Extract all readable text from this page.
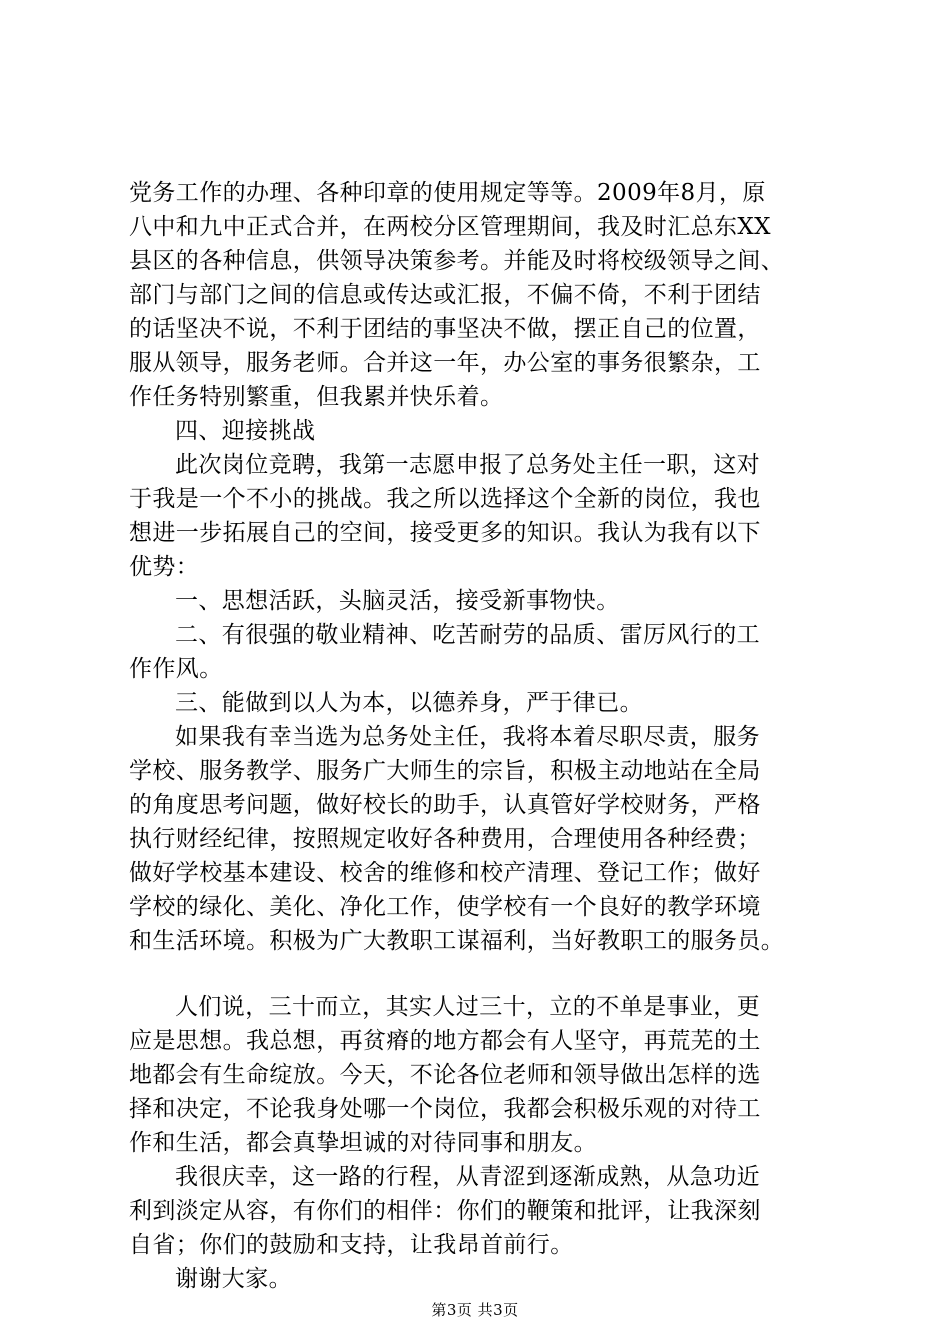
党务工作的办理、各种印章的使用规定等等。2009年8月，原
八中和九中正式合并，在两校分区管理期间，我及时汇总东XX
县区的各种信息，供领导决策参考。并能及时将校级领导之间、
部门与部门之间的信息或传达或汇报，不偏不倚，不利于团结
的话坚决不说，不利于团结的事坚决不做，摆正自己的位置，
服从领导，服务老师。合并这一年，办公室的事务很繁杂，工
作任务特别繁重，但我累并快乐着。
四、迎接挑战
此次岗位竞聘，我第一志愿申报了总务处主任一职，这对
于我是一个不小的挑战。我之所以选择这个全新的岗位，我也
想进一步拓展自己的空间，接受更多的知识。我认为我有以下
优势：
一、思想活跃，头脑灵活，接受新事物快。
二、有很强的敬业精神、吃苦耐劳的品质、雷厉风行的工
作作风。
三、能做到以人为本，以德养身，严于律已。
如果我有幸当选为总务处主任，我将本着尽职尽责，服务
学校、服务教学、服务广大师生的宗旨，积极主动地站在全局
的角度思考问题，做好校长的助手，认真管好学校财务，严格
执行财经纪律，按照规定收好各种费用，合理使用各种经费；
做好学校基本建设、校舍的维修和校产清理、登记工作；做好
学校的绿化、美化、净化工作，使学校有一个良好的教学环境
和生活环境。积极为广大教职工谋福利，当好教职工的服务员。
人们说，三十而立，其实人过三十，立的不单是事业，更
应是思想。我总想，再贫瘠的地方都会有人坚守，再荒芜的土
地都会有生命绽放。今天，不论各位老师和领导做出怎样的选
择和决定，不论我身处哪一个岗位，我都会积极乐观的对待工
作和生活，都会真挚坦诚的对待同事和朋友。
我很庆幸，这一路的行程，从青涩到逐渐成熟，从急功近
利到淡定从容，有你们的相伴：你们的鞭策和批评，让我深刻
自省；你们的鼓励和支持，让我昂首前行。
谢谢大家。
第3页 共3页
